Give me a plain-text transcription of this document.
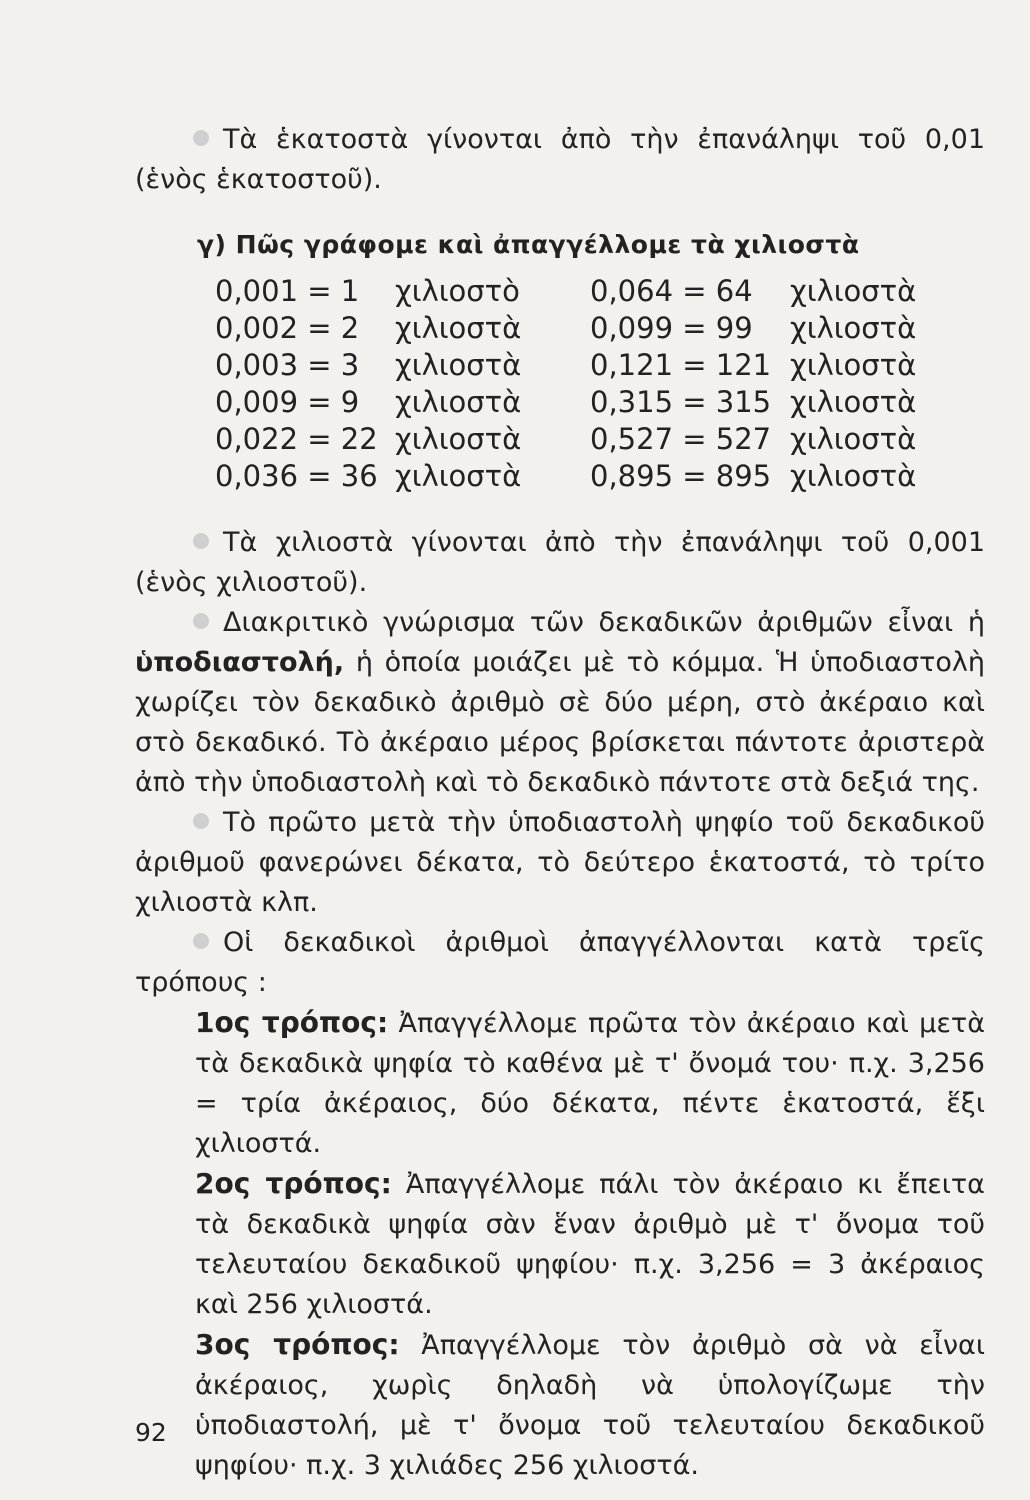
Τὰ ἑκατοστὰ γίνονται ἀπὸ τὴν ἐπανάληψι τοῦ 0,01 (ἑνὸς ἑκατοστοῦ).

γ) Πῶς γράφομε καὶ ἀπαγγέλλομε τὰ χιλιοστὰ
0,001 = 1 χιλιοστὸ
0,002 = 2 χιλιοστὰ
0,003 = 3 χιλιοστὰ
0,009 = 9 χιλιοστὰ
0,022 = 22 χιλιοστὰ
0,036 = 36 χιλιοστὰ
0,064 = 64 χιλιοστὰ
0,099 = 99 χιλιοστὰ
0,121 = 121 χιλιοστὰ
0,315 = 315 χιλιοστὰ
0,527 = 527 χιλιοστὰ
0,895 = 895 χιλιοστὰ

Τὰ χιλιοστὰ γίνονται ἀπὸ τὴν ἐπανάληψι τοῦ 0,001 (ἑνὸς χιλιοστοῦ).

Διακριτικὸ γνώρισμα τῶν δεκαδικῶν ἀριθμῶν εἶναι ἡ ὑποδιαστολή, ἡ ὁποία μοιάζει μὲ τὸ κόμμα. Ἡ ὑποδιαστολὴ χωρίζει τὸν δεκαδικὸ ἀριθμὸ σὲ δύο μέρη, στὸ ἀκέραιο καὶ στὸ δεκαδικό. Τὸ ἀκέραιο μέρος βρίσκεται πάντοτε ἀριστερὰ ἀπὸ τὴν ὑποδιαστολὴ καὶ τὸ δεκαδικὸ πάντοτε στὰ δεξιά της.

Τὸ πρῶτο μετὰ τὴν ὑποδιαστολὴ ψηφίο τοῦ δεκαδικοῦ ἀριθμοῦ φανερώνει δέκατα, τὸ δεύτερο ἑκατοστά, τὸ τρίτο χιλιοστὰ κλπ.

Οἱ δεκαδικοὶ ἀριθμοὶ ἀπαγγέλλονται κατὰ τρεῖς τρόπους :

1ος τρόπος: Ἀπαγγέλλομε πρῶτα τὸν ἀκέραιο καὶ μετὰ τὰ δεκαδικὰ ψηφία τὸ καθένα μὲ τ' ὄνομά του· π.χ. 3,256 = τρία ἀκέραιος, δύο δέκατα, πέντε ἑκατοστά, ἕξι χιλιοστά.

2ος τρόπος: Ἀπαγγέλλομε πάλι τὸν ἀκέραιο κι ἔπειτα τὰ δεκαδικὰ ψηφία σὰν ἕναν ἀριθμὸ μὲ τ' ὄνομα τοῦ τελευταίου δεκαδικοῦ ψηφίου· π.χ. 3,256 = 3 ἀκέραιος καὶ 256 χιλιοστά.

3ος τρόπος: Ἀπαγγέλλομε τὸν ἀριθμὸ σὰ νὰ εἶναι ἀκέραιος, χωρὶς δηλαδὴ νὰ ὑπολογίζωμε τὴν ὑποδιαστολή, μὲ τ' ὄνομα τοῦ τελευταίου δεκαδικοῦ ψηφίου· π.χ. 3 χιλιάδες 256 χιλιοστά.

92
